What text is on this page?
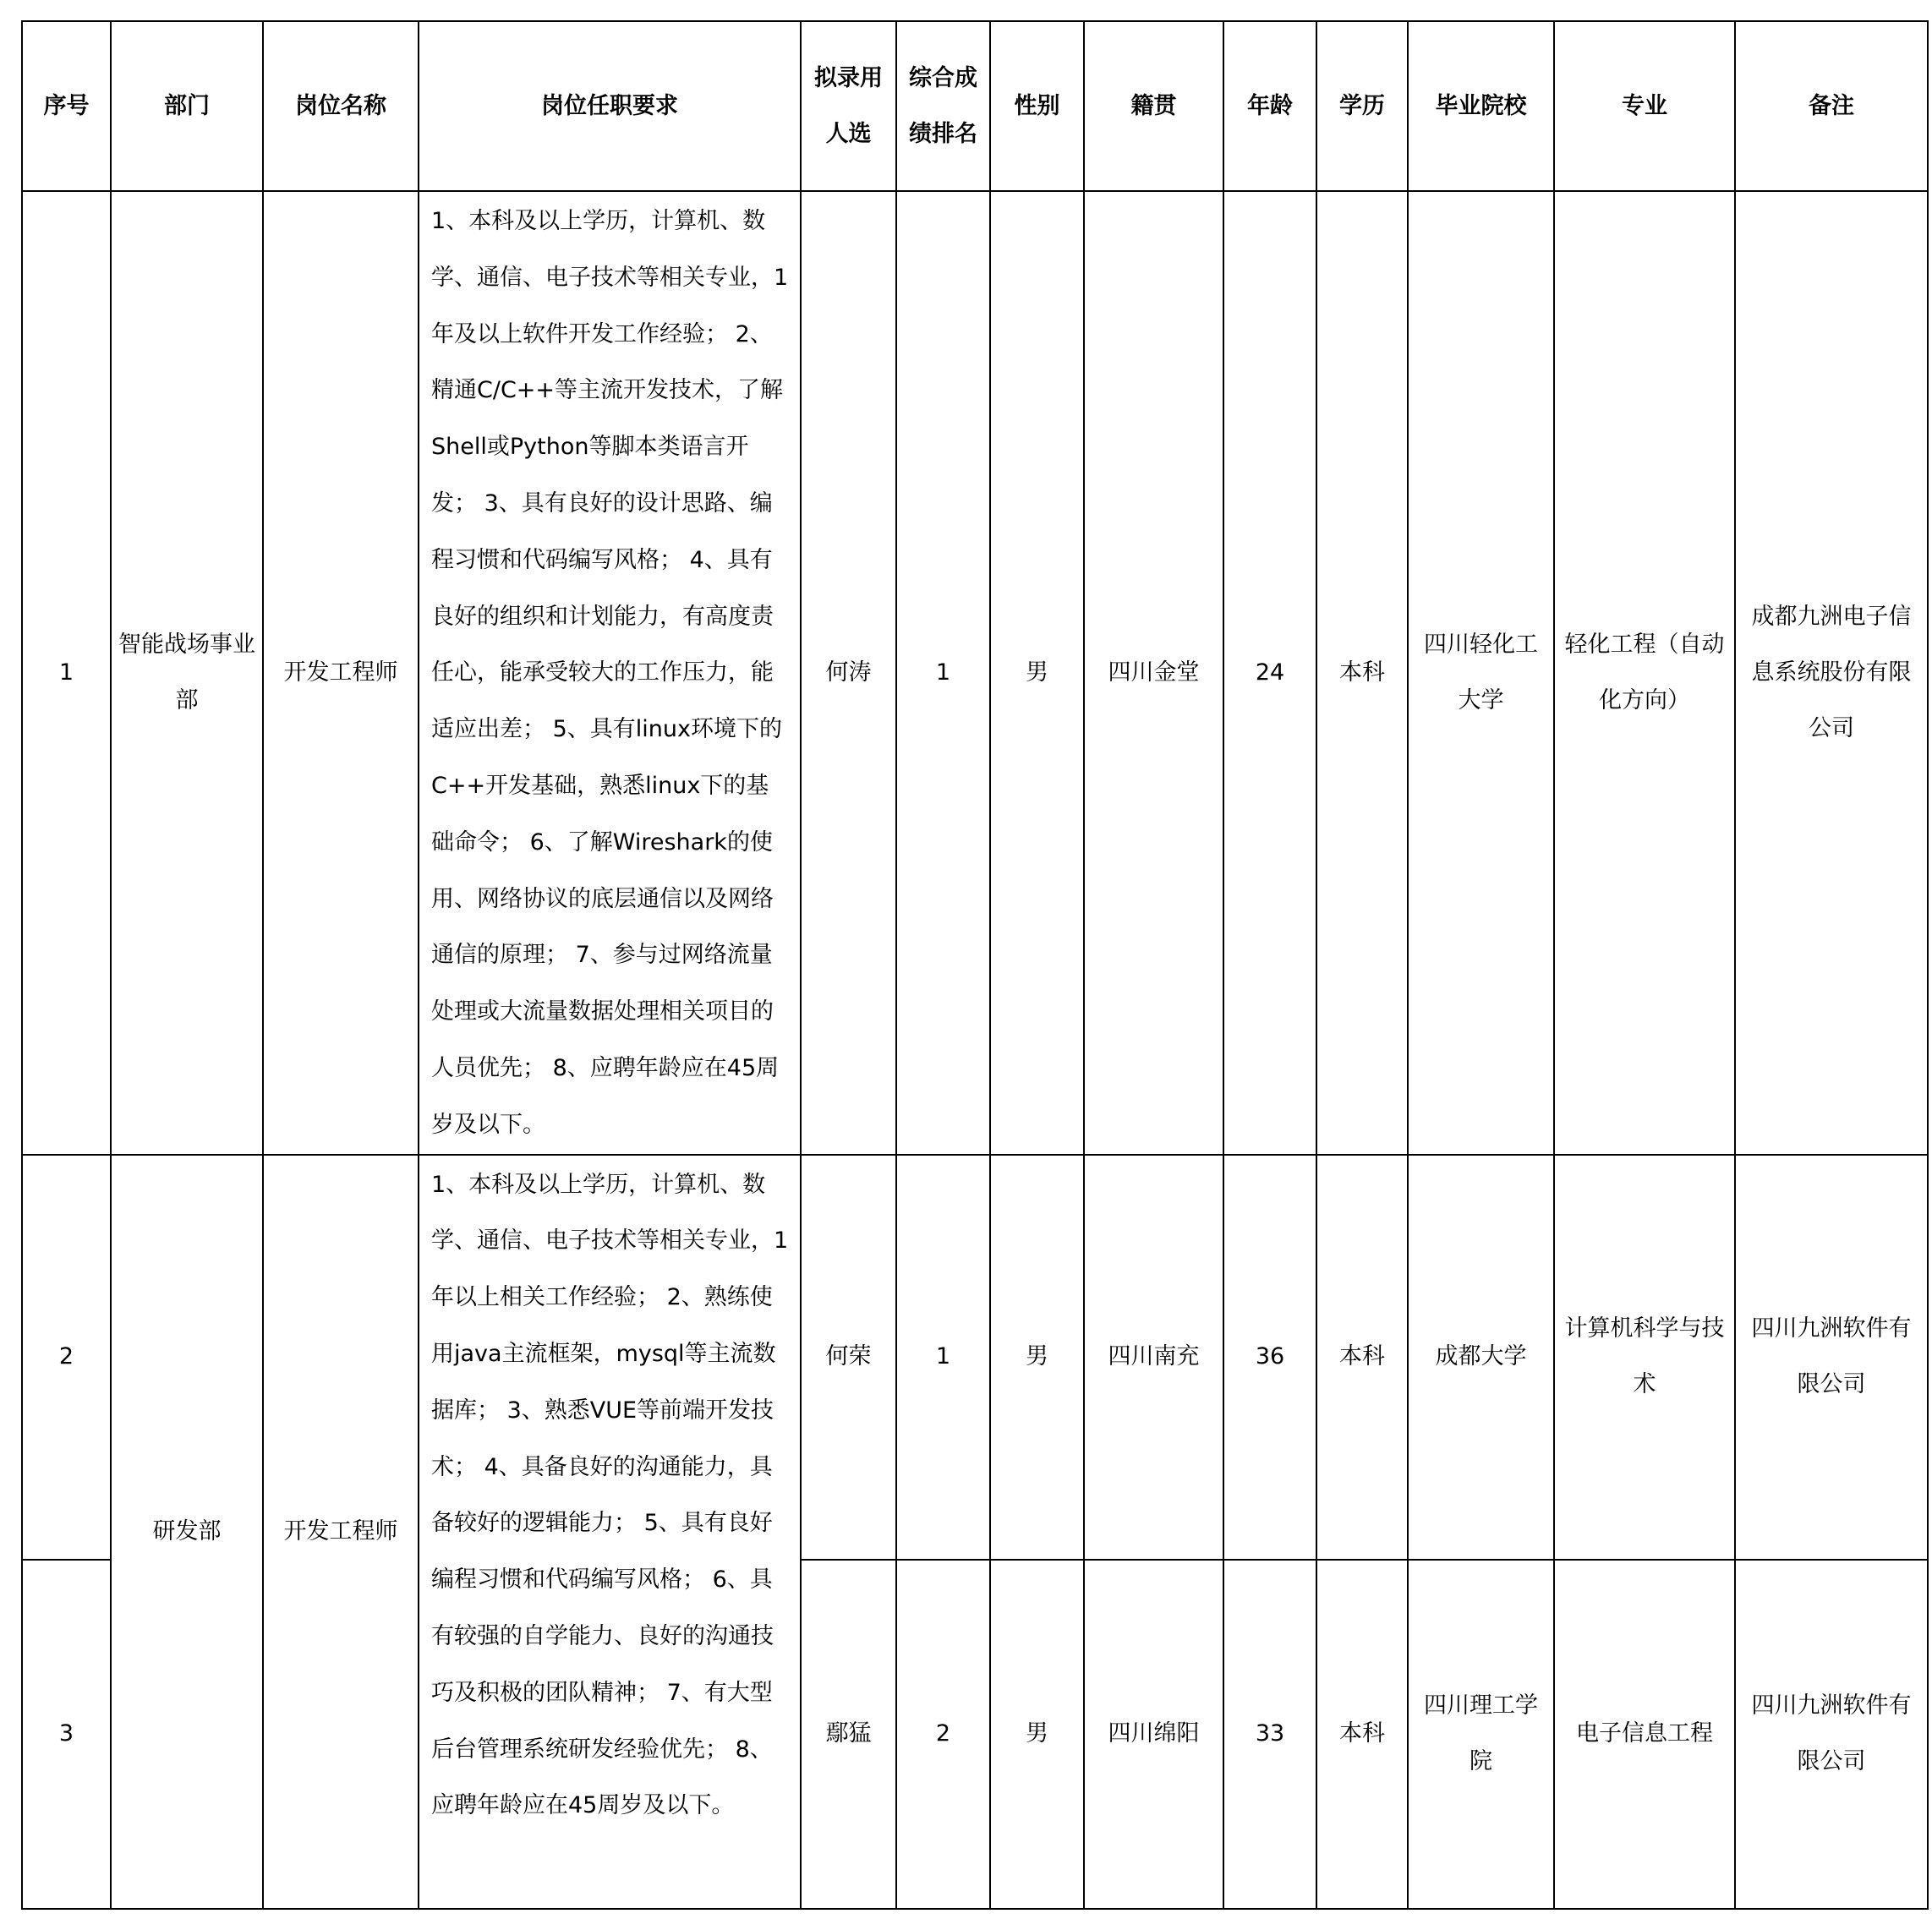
序号	部门	岗位名称	岗位任职要求	拟录用人选	综合成绩排名	性别	籍贯	年龄	学历	毕业院校	专业	备注
1	智能战场事业部	开发工程师	1、本科及以上学历，计算机、数学、通信、电子技术等相关专业，1年及以上软件开发工作经验； 2、精通C/C++等主流开发技术，了解Shell或Python等脚本类语言开发； 3、具有良好的设计思路、编程习惯和代码编写风格； 4、具有良好的组织和计划能力，有高度责任心，能承受较大的工作压力，能适应出差； 5、具有linux环境下的C++开发基础，熟悉linux下的基础命令； 6、了解Wireshark的使用、网络协议的底层通信以及网络通信的原理； 7、参与过网络流量处理或大流量数据处理相关项目的人员优先； 8、应聘年龄应在45周岁及以下。	何涛	1	男	四川金堂	24	本科	四川轻化工大学	轻化工程（自动化方向）	成都九洲电子信息系统股份有限公司
2	研发部	开发工程师	1、本科及以上学历，计算机、数学、通信、电子技术等相关专业，1年以上相关工作经验； 2、熟练使用java主流框架，mysql等主流数据库； 3、熟悉VUE等前端开发技术； 4、具备良好的沟通能力，具备较好的逻辑能力； 5、具有良好编程习惯和代码编写风格； 6、具有较强的自学能力、良好的沟通技巧及积极的团队精神； 7、有大型后台管理系统研发经验优先； 8、应聘年龄应在45周岁及以下。	何荣	1	男	四川南充	36	本科	成都大学	计算机科学与技术	四川九洲软件有限公司
3				鄢猛	2	男	四川绵阳	33	本科	四川理工学院	电子信息工程	四川九洲软件有限公司
